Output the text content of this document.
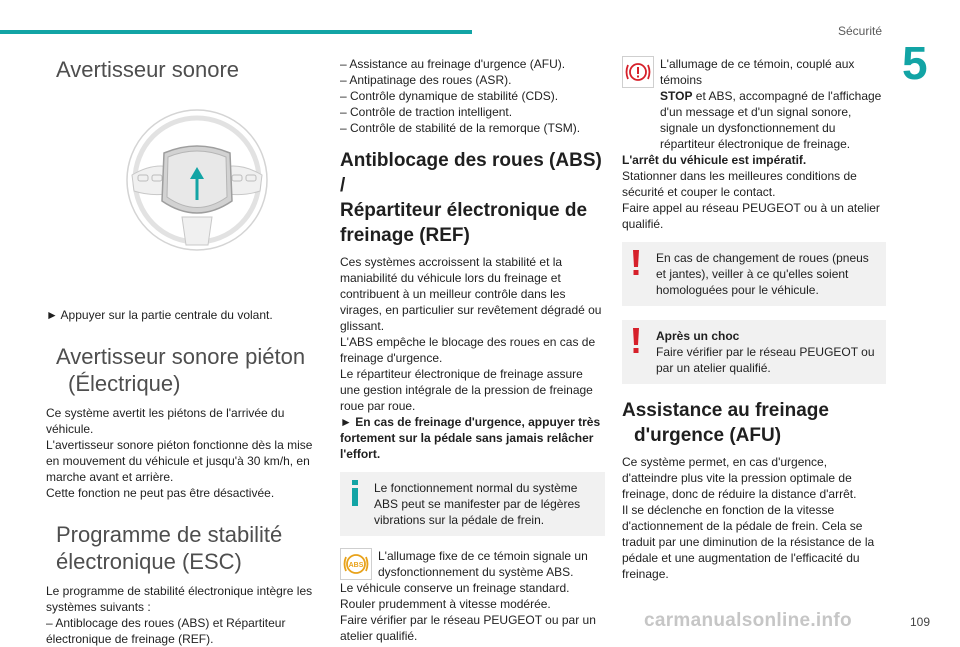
Sécurité
5
Avertisseur sonore

► Appuyer sur la partie centrale du volant.

Avertisseur sonore piéton
(Électrique)

Ce système avertit les piétons de l'arrivée du véhicule.

L'avertisseur sonore piéton fonctionne dès la mise en mouvement du véhicule et jusqu'à 30 km/h, en marche avant et arrière.

Cette fonction ne peut pas être désactivée.

Programme de stabilité
électronique (ESC)

Le programme de stabilité électronique intègre les systèmes suivants :

– Antiblocage des roues (ABS) et Répartiteur électronique de freinage (REF).

– Assistance au freinage d'urgence (AFU).

– Antipatinage des roues (ASR).

– Contrôle dynamique de stabilité (CDS).

– Contrôle de traction intelligent.

– Contrôle de stabilité de la remorque (TSM).

Antiblocage des roues (ABS) /
Répartiteur électronique de
freinage (REF)

Ces systèmes accroissent la stabilité et la maniabilité du véhicule lors du freinage et contribuent à un meilleur contrôle dans les virages, en particulier sur revêtement dégradé ou glissant.

L'ABS empêche le blocage des roues en cas de freinage d'urgence.

Le répartiteur électronique de freinage assure une gestion intégrale de la pression de freinage roue par roue.

► En cas de freinage d'urgence, appuyer très fortement sur la pédale sans jamais relâcher l'effort.

Le fonctionnement normal du système ABS peut se manifester par de légères vibrations sur la pédale de frein.

ABS

L'allumage fixe de ce témoin signale un dysfonctionnement du système ABS.

Le véhicule conserve un freinage standard. Rouler prudemment à vitesse modérée.

Faire vérifier par le réseau PEUGEOT ou par un atelier qualifié.

L'allumage de ce témoin, couplé aux témoins

STOP et ABS, accompagné de l'affichage d'un message et d'un signal sonore, signale un dysfonctionnement du répartiteur électronique de freinage.

L'arrêt du véhicule est impératif.

Stationner dans les meilleures conditions de sécurité et couper le contact.

Faire appel au réseau PEUGEOT ou à un atelier qualifié.

En cas de changement de roues (pneus et jantes), veiller à ce qu'elles soient homologuées pour le véhicule.

Après un choc

Faire vérifier par le réseau PEUGEOT ou par un atelier qualifié.

Assistance au freinage
d'urgence (AFU)

Ce système permet, en cas d'urgence, d'atteindre plus vite la pression optimale de freinage, donc de réduire la distance d'arrêt.

Il se déclenche en fonction de la vitesse d'actionnement de la pédale de frein. Cela se traduit par une diminution de la résistance de la pédale et une augmentation de l'efficacité du freinage.

carmanualsonline.info	109
